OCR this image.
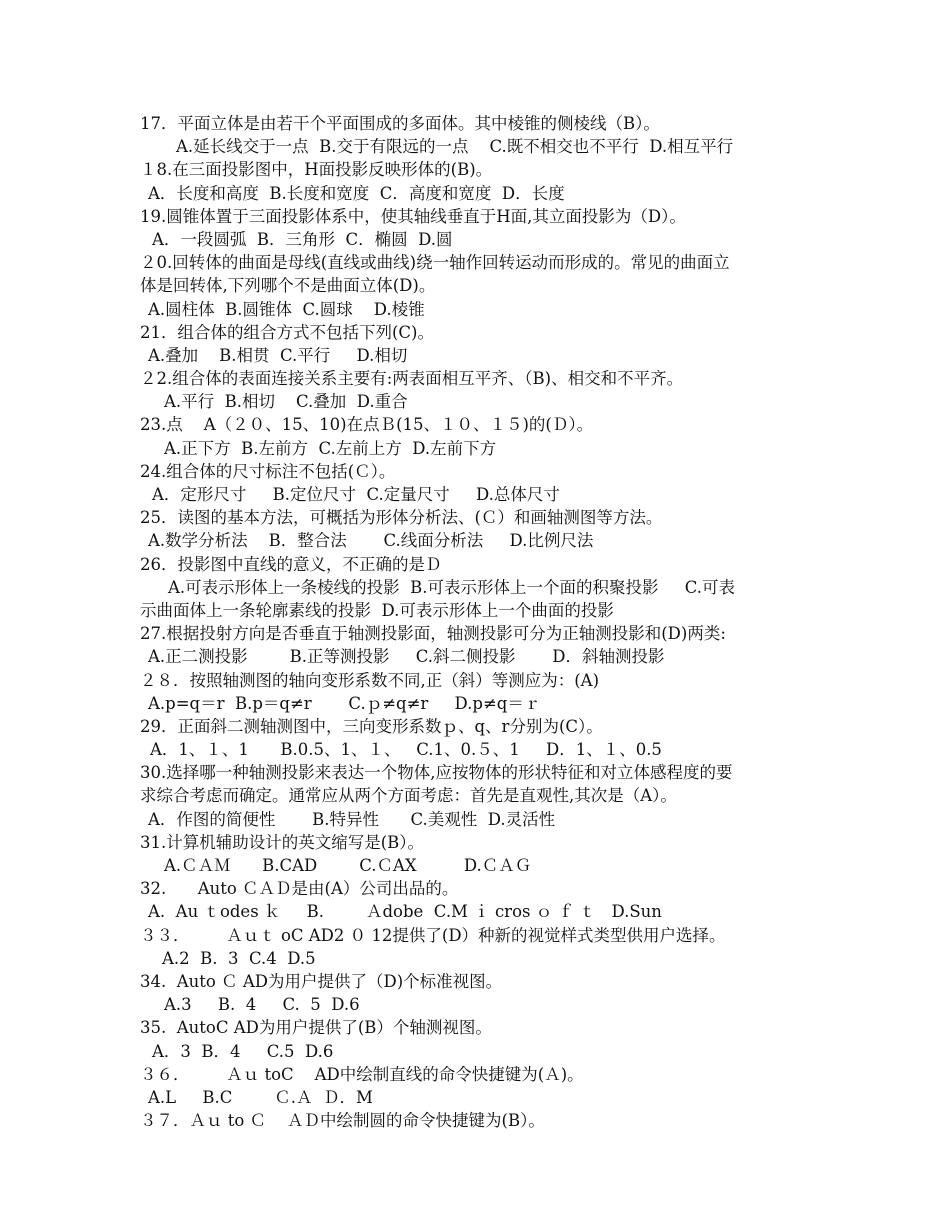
17．平面立体是由若干个平面围成的多面体。其中棱锥的侧棱线（B）。
A.延长线交于一点  B.交于有限远的一点    C.既不相交也不平行  D.相互平行
１8.在三面投影图中，H面投影反映形体的(B)。
A．长度和高度  B.长度和宽度  C．高度和宽度  D．长度
19.圆锥体置于三面投影体系中，使其轴线垂直于H面,其立面投影为（D）。
A．一段圆弧  B．三角形  C．椭圆  D.圆
２0.回转体的曲面是母线(直线或曲线)绕一轴作回转运动而形成的。常见的曲面立
体是回转体,下列哪个不是曲面立体(D)。
A.圆柱体  B.圆锥体  C.圆球    D.棱锥
21．组合体的组合方式不包括下列(C)。
A.叠加    B.相贯  C.平行     D.相切
２2.组合体的表面连接关系主要有:两表面相互平齐、（B)、相交和不平齐。
A.平行  B.相切    C.叠加  D.重合
23.点    A（２０、15、10)在点Ｂ(15、１０、１５)的(Ｄ）。
A.正下方  B.左前方  C.左前上方  D.左前下方
24.组合体的尺寸标注不包括(Ｃ）。
A．定形尺寸     B.定位尺寸  C.定量尺寸     D.总体尺寸
25．读图的基本方法，可概括为形体分析法、(Ｃ）和画轴测图等方法。
A.数学分析法    B．整合法       C.线面分析法     D.比例尺法
26．投影图中直线的意义，不正确的是Ｄ
A.可表示形体上一条棱线的投影  B.可表示形体上一个面的积聚投影     C.可表
示曲面体上一条轮廓素线的投影  D.可表示形体上一个曲面的投影
27.根据投射方向是否垂直于轴测投影面，轴测投影可分为正轴测投影和(D)两类:
A.正二测投影        B.正等测投影     C.斜二侧投影       D．斜轴测投影
２８．按照轴测图的轴向变形系数不同,正（斜）等测应为：(A)
A.p=q＝r  B.p＝q≠r       C.ｐ≠q≠r     D.p≠q＝ｒ
29．正面斜二测轴测图中，三向变形系数ｐ、q、r分别为(C）。
A．1、１、1      B.0.5、1、１、   C.1、0.５、1     D．1、１、0.5
30.选择哪一种轴测投影来表达一个物体,应按物体的形状特征和对立体感程度的要
求综合考虑而确定。通常应从两个方面考虑：首先是直观性,其次是（A）。
A．作图的简便性       B.特异性      C.美观性  D.灵活性
31.计算机辅助设计的英文缩写是(B）。
A.ＣＡＭ      B.CAD        C.ＣAX         D.ＣＡＧ
32.      Auto ＣＡＤ是由(A）公司出品的。
A.  Au ｔodes ｋ     B.        Ａdobe  C.M ｉ cros ｏ ｆ ｔ   D.Sun
３３．       Ａｕｔ oC AD2 ０ 12提供了(D）种新的视觉样式类型供用户选择。
A.2  B.  3  C.4  D.5
34.  Auto Ｃ AD为用户提供了（D)个标准视图。
A.3     B.  4     C.  5  D.6
35.  AutoC AD为用户提供了(B）个轴测视图。
A．3  B．4     C.5  D.6
３６．       Ａｕ toC    AD中绘制直线的命令快捷键为(Ａ)。
A.L     B.C        Ｃ.Ａ  Ｄ．M
３７．Ａｕ to Ｃ    ＡＤ中绘制圆的命令快捷键为(B）。
